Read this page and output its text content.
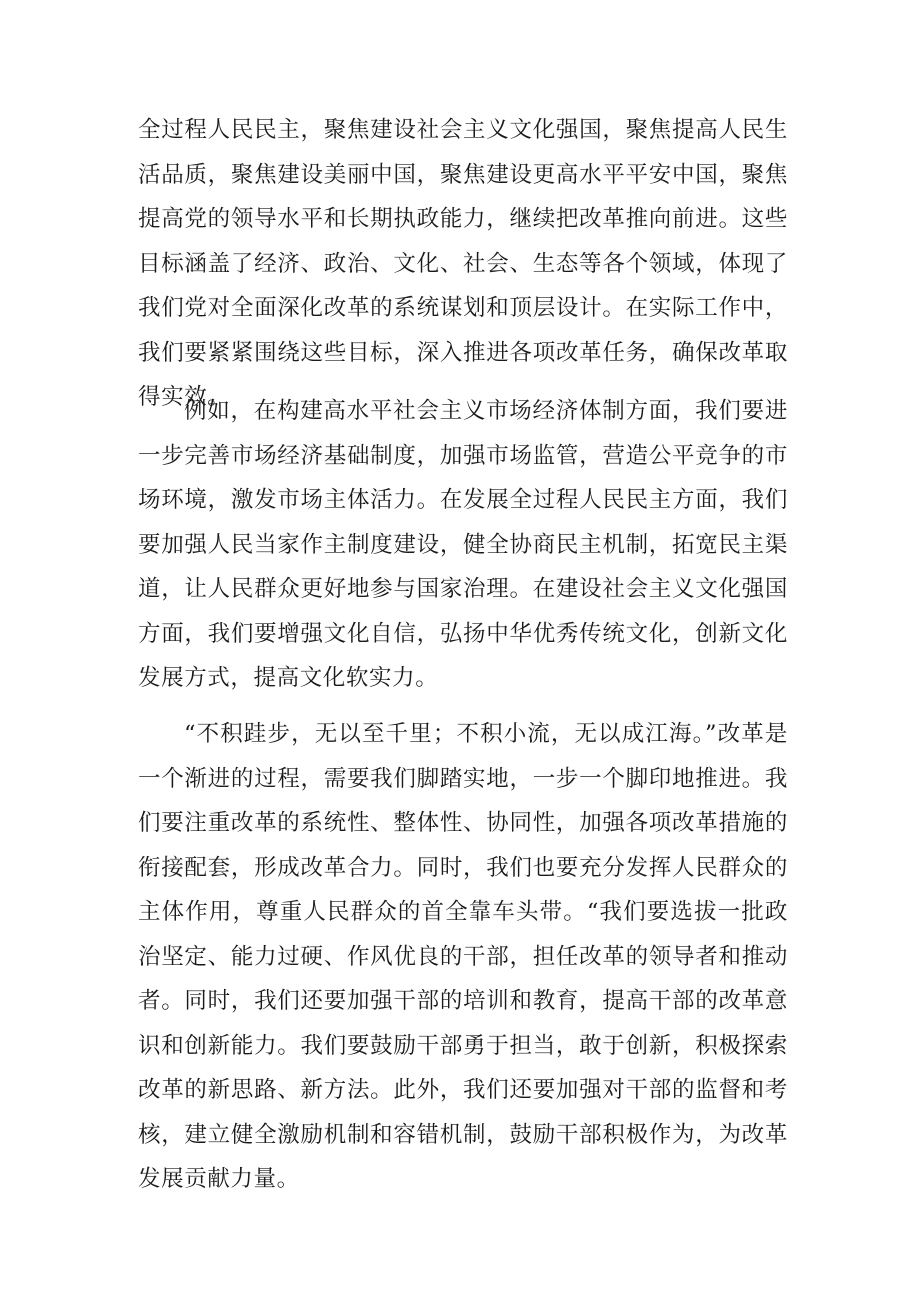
全过程人民民主，聚焦建设社会主义文化强国，聚焦提高人民生活品质，聚焦建设美丽中国，聚焦建设更高水平平安中国，聚焦提高党的领导水平和长期执政能力，继续把改革推向前进。这些目标涵盖了经济、政治、文化、社会、生态等各个领域，体现了我们党对全面深化改革的系统谋划和顶层设计。在实际工作中，我们要紧紧围绕这些目标，深入推进各项改革任务，确保改革取得实效。

例如，在构建高水平社会主义市场经济体制方面，我们要进一步完善市场经济基础制度，加强市场监管，营造公平竞争的市场环境，激发市场主体活力。在发展全过程人民民主方面，我们要加强人民当家作主制度建设，健全协商民主机制，拓宽民主渠道，让人民群众更好地参与国家治理。在建设社会主义文化强国方面，我们要增强文化自信，弘扬中华优秀传统文化，创新文化发展方式，提高文化软实力。

“不积跬步，无以至千里；不积小流，无以成江海。”改革是一个渐进的过程，需要我们脚踏实地，一步一个脚印地推进。我们要注重改革的系统性、整体性、协同性，加强各项改革措施的衔接配套，形成改革合力。同时，我们也要充分发挥人民群众的主体作用，尊重人民群众的首全靠车头带。“我们要选拔一批政治坚定、能力过硬、作风优良的干部，担任改革的领导者和推动者。同时，我们还要加强干部的培训和教育，提高干部的改革意识和创新能力。我们要鼓励干部勇于担当，敢于创新，积极探索改革的新思路、新方法。此外，我们还要加强对干部的监督和考核，建立健全激励机制和容错机制，鼓励干部积极作为，为改革发展贡献力量。
